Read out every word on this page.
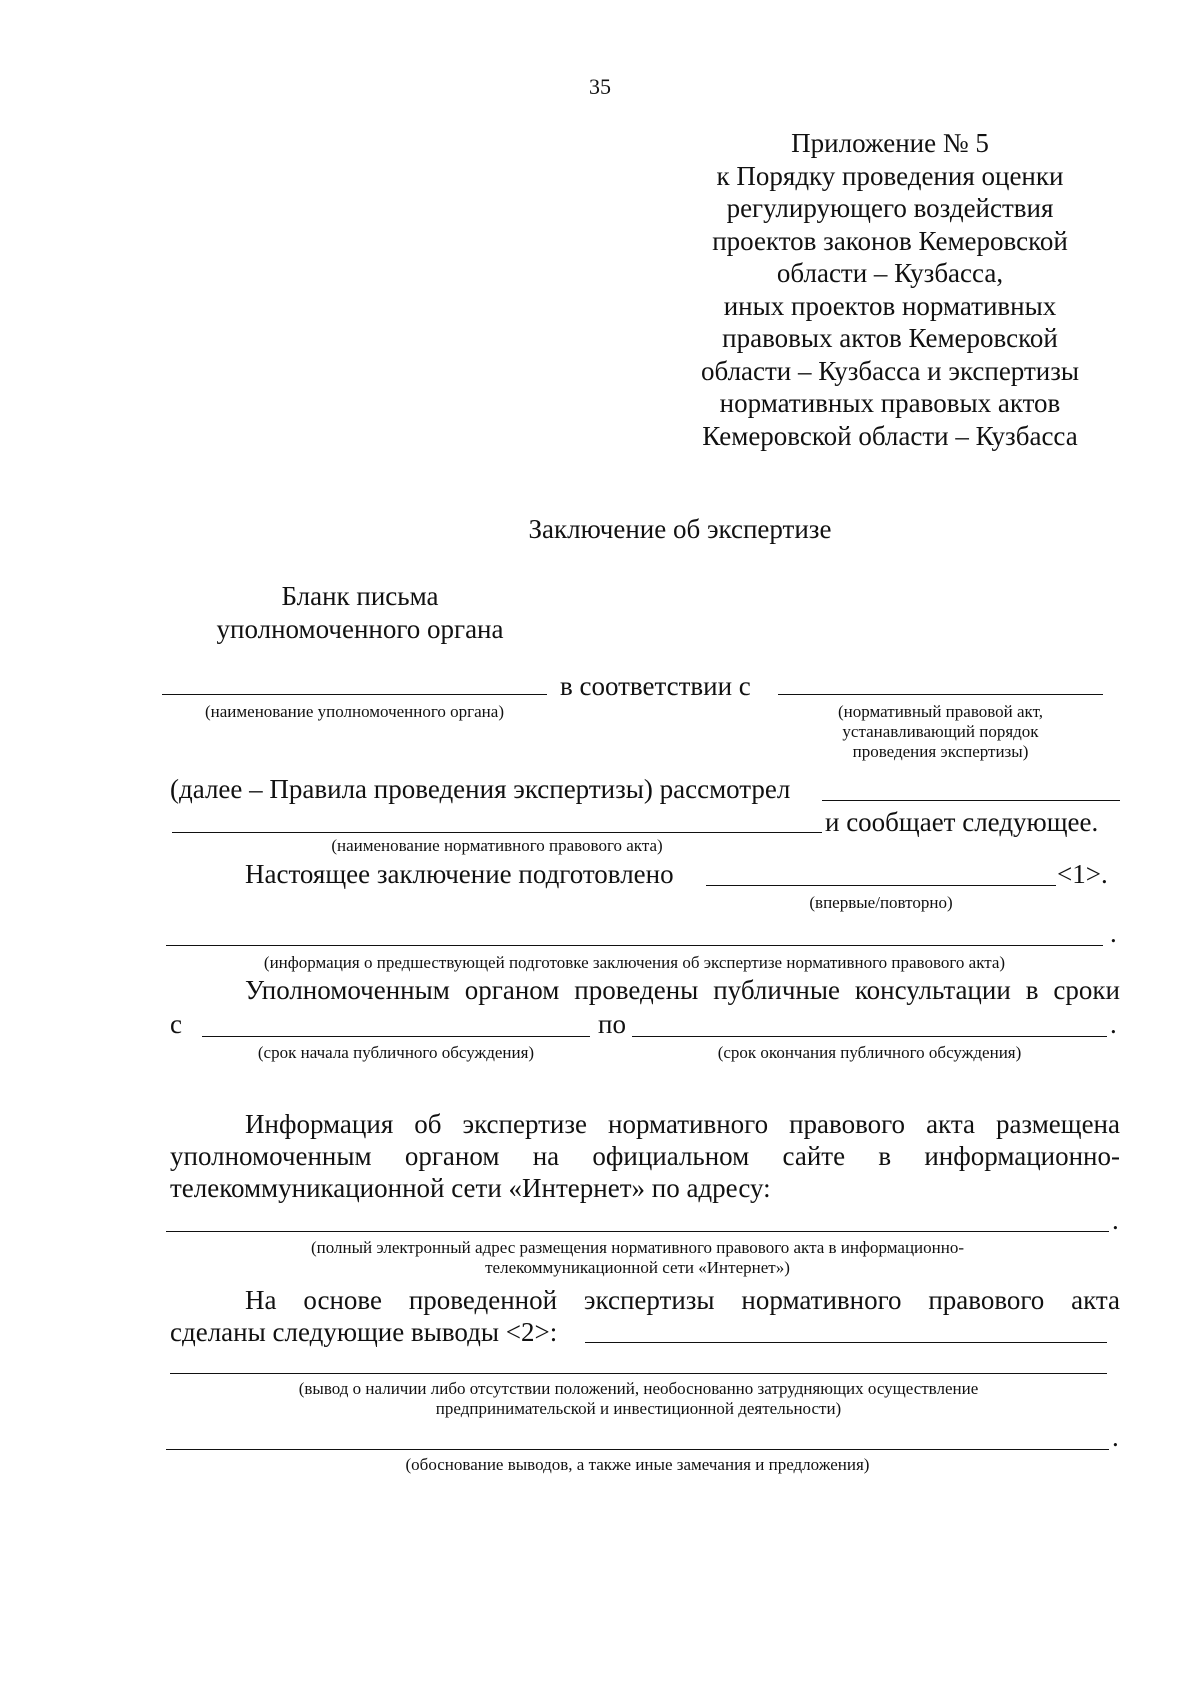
35
Приложение № 5
к Порядку проведения оценки
регулирующего воздействия
проектов законов Кемеровской
области – Кузбасса,
иных проектов нормативных
правовых актов Кемеровской
области – Кузбасса и экспертизы
нормативных правовых актов
Кемеровской области – Кузбасса
Заключение об экспертизе
Бланк письма
уполномоченного органа
в соответствии с
(наименование уполномоченного органа)	(нормативный правовой акт,
устанавливающий порядок
проведения экспертизы)
(далее – Правила проведения экспертизы) рассмотрел
и сообщает следующее.
(наименование нормативного правового акта)
Настоящее заключение подготовлено	<1>.
(впервые/повторно)
.
(информация о предшествующей подготовке заключения об экспертизе нормативного правового акта)
Уполномоченным органом проведены публичные консультации в сроки
с	по	.
(срок начала публичного обсуждения)	(срок окончания публичного обсуждения)
Информация об экспертизе нормативного правового акта размещена
уполномоченным органом на официальном сайте в информационно-
телекоммуникационной сети «Интернет» по адресу:
.
(полный электронный адрес размещения нормативного правового акта в информационно-
телекоммуникационной сети «Интернет»)
На основе проведенной экспертизы нормативного правового акта
сделаны следующие выводы <2>:
(вывод о наличии либо отсутствии положений, необоснованно затрудняющих осуществление
предпринимательской и инвестиционной деятельности)
.
(обоснование выводов, а также иные замечания и предложения)
